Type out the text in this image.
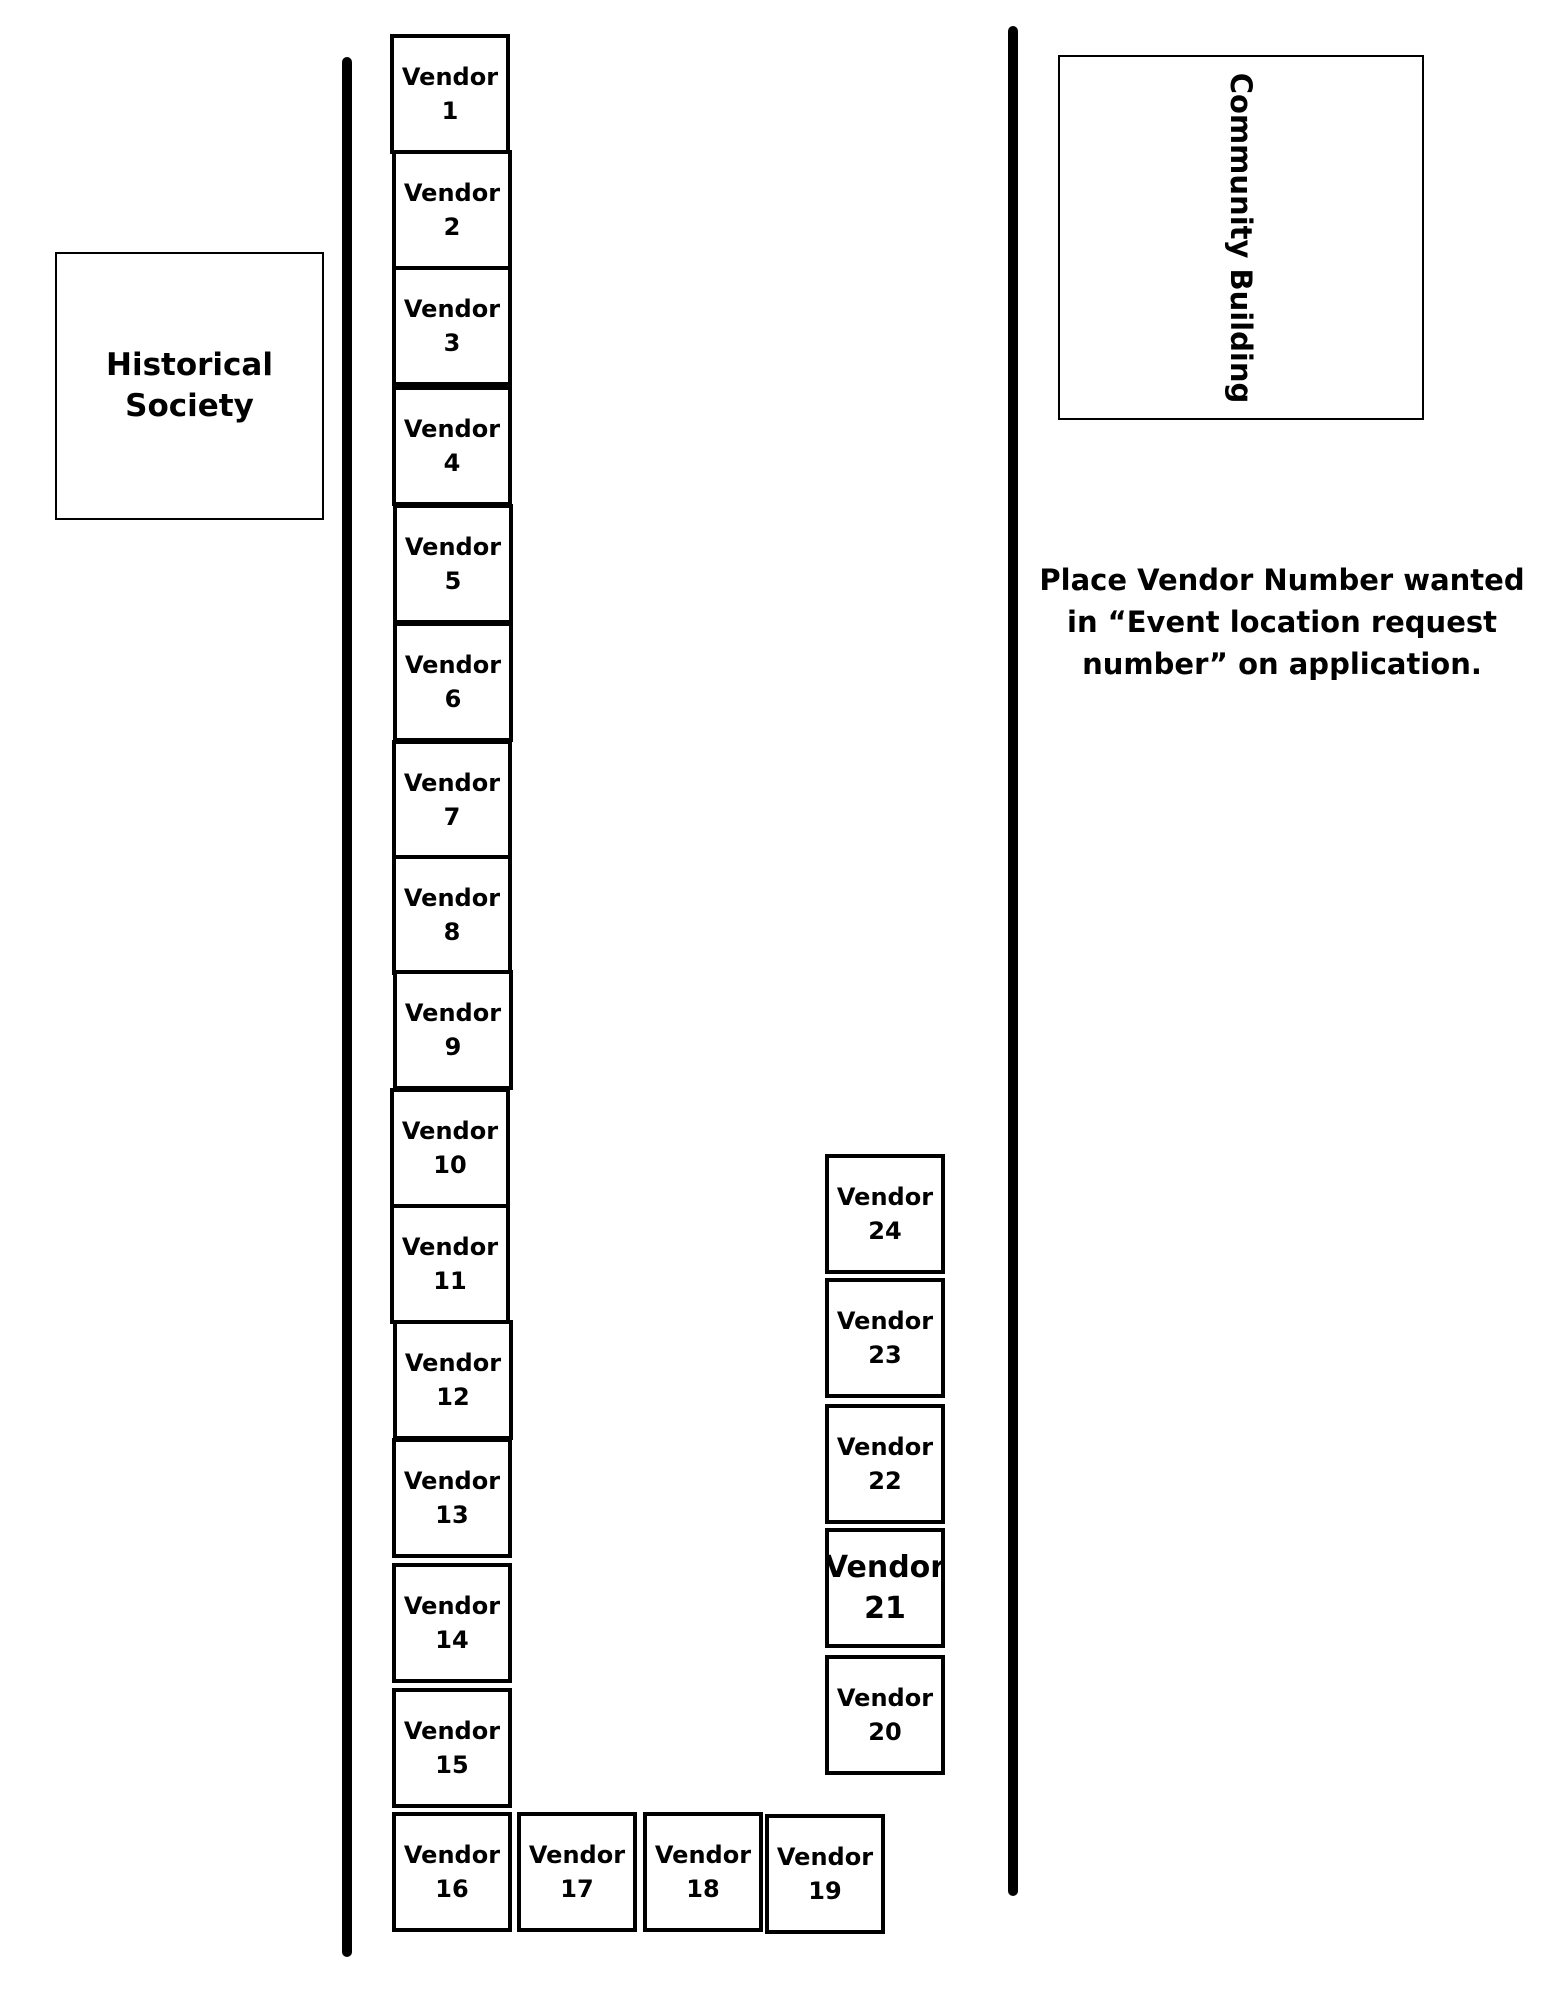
Historical
Society
Community Building
Place Vendor Number wanted in “Event location request number” on application.
Vendor
1
Vendor
2
Vendor
3
Vendor
4
Vendor
5
Vendor
6
Vendor
7
Vendor
8
Vendor
9
Vendor
10
Vendor
11
Vendor
12
Vendor
13
Vendor
14
Vendor
15
Vendor
16
Vendor
17
Vendor
18
Vendor
19
Vendor
20
Vendor
21
Vendor
22
Vendor
23
Vendor
24
